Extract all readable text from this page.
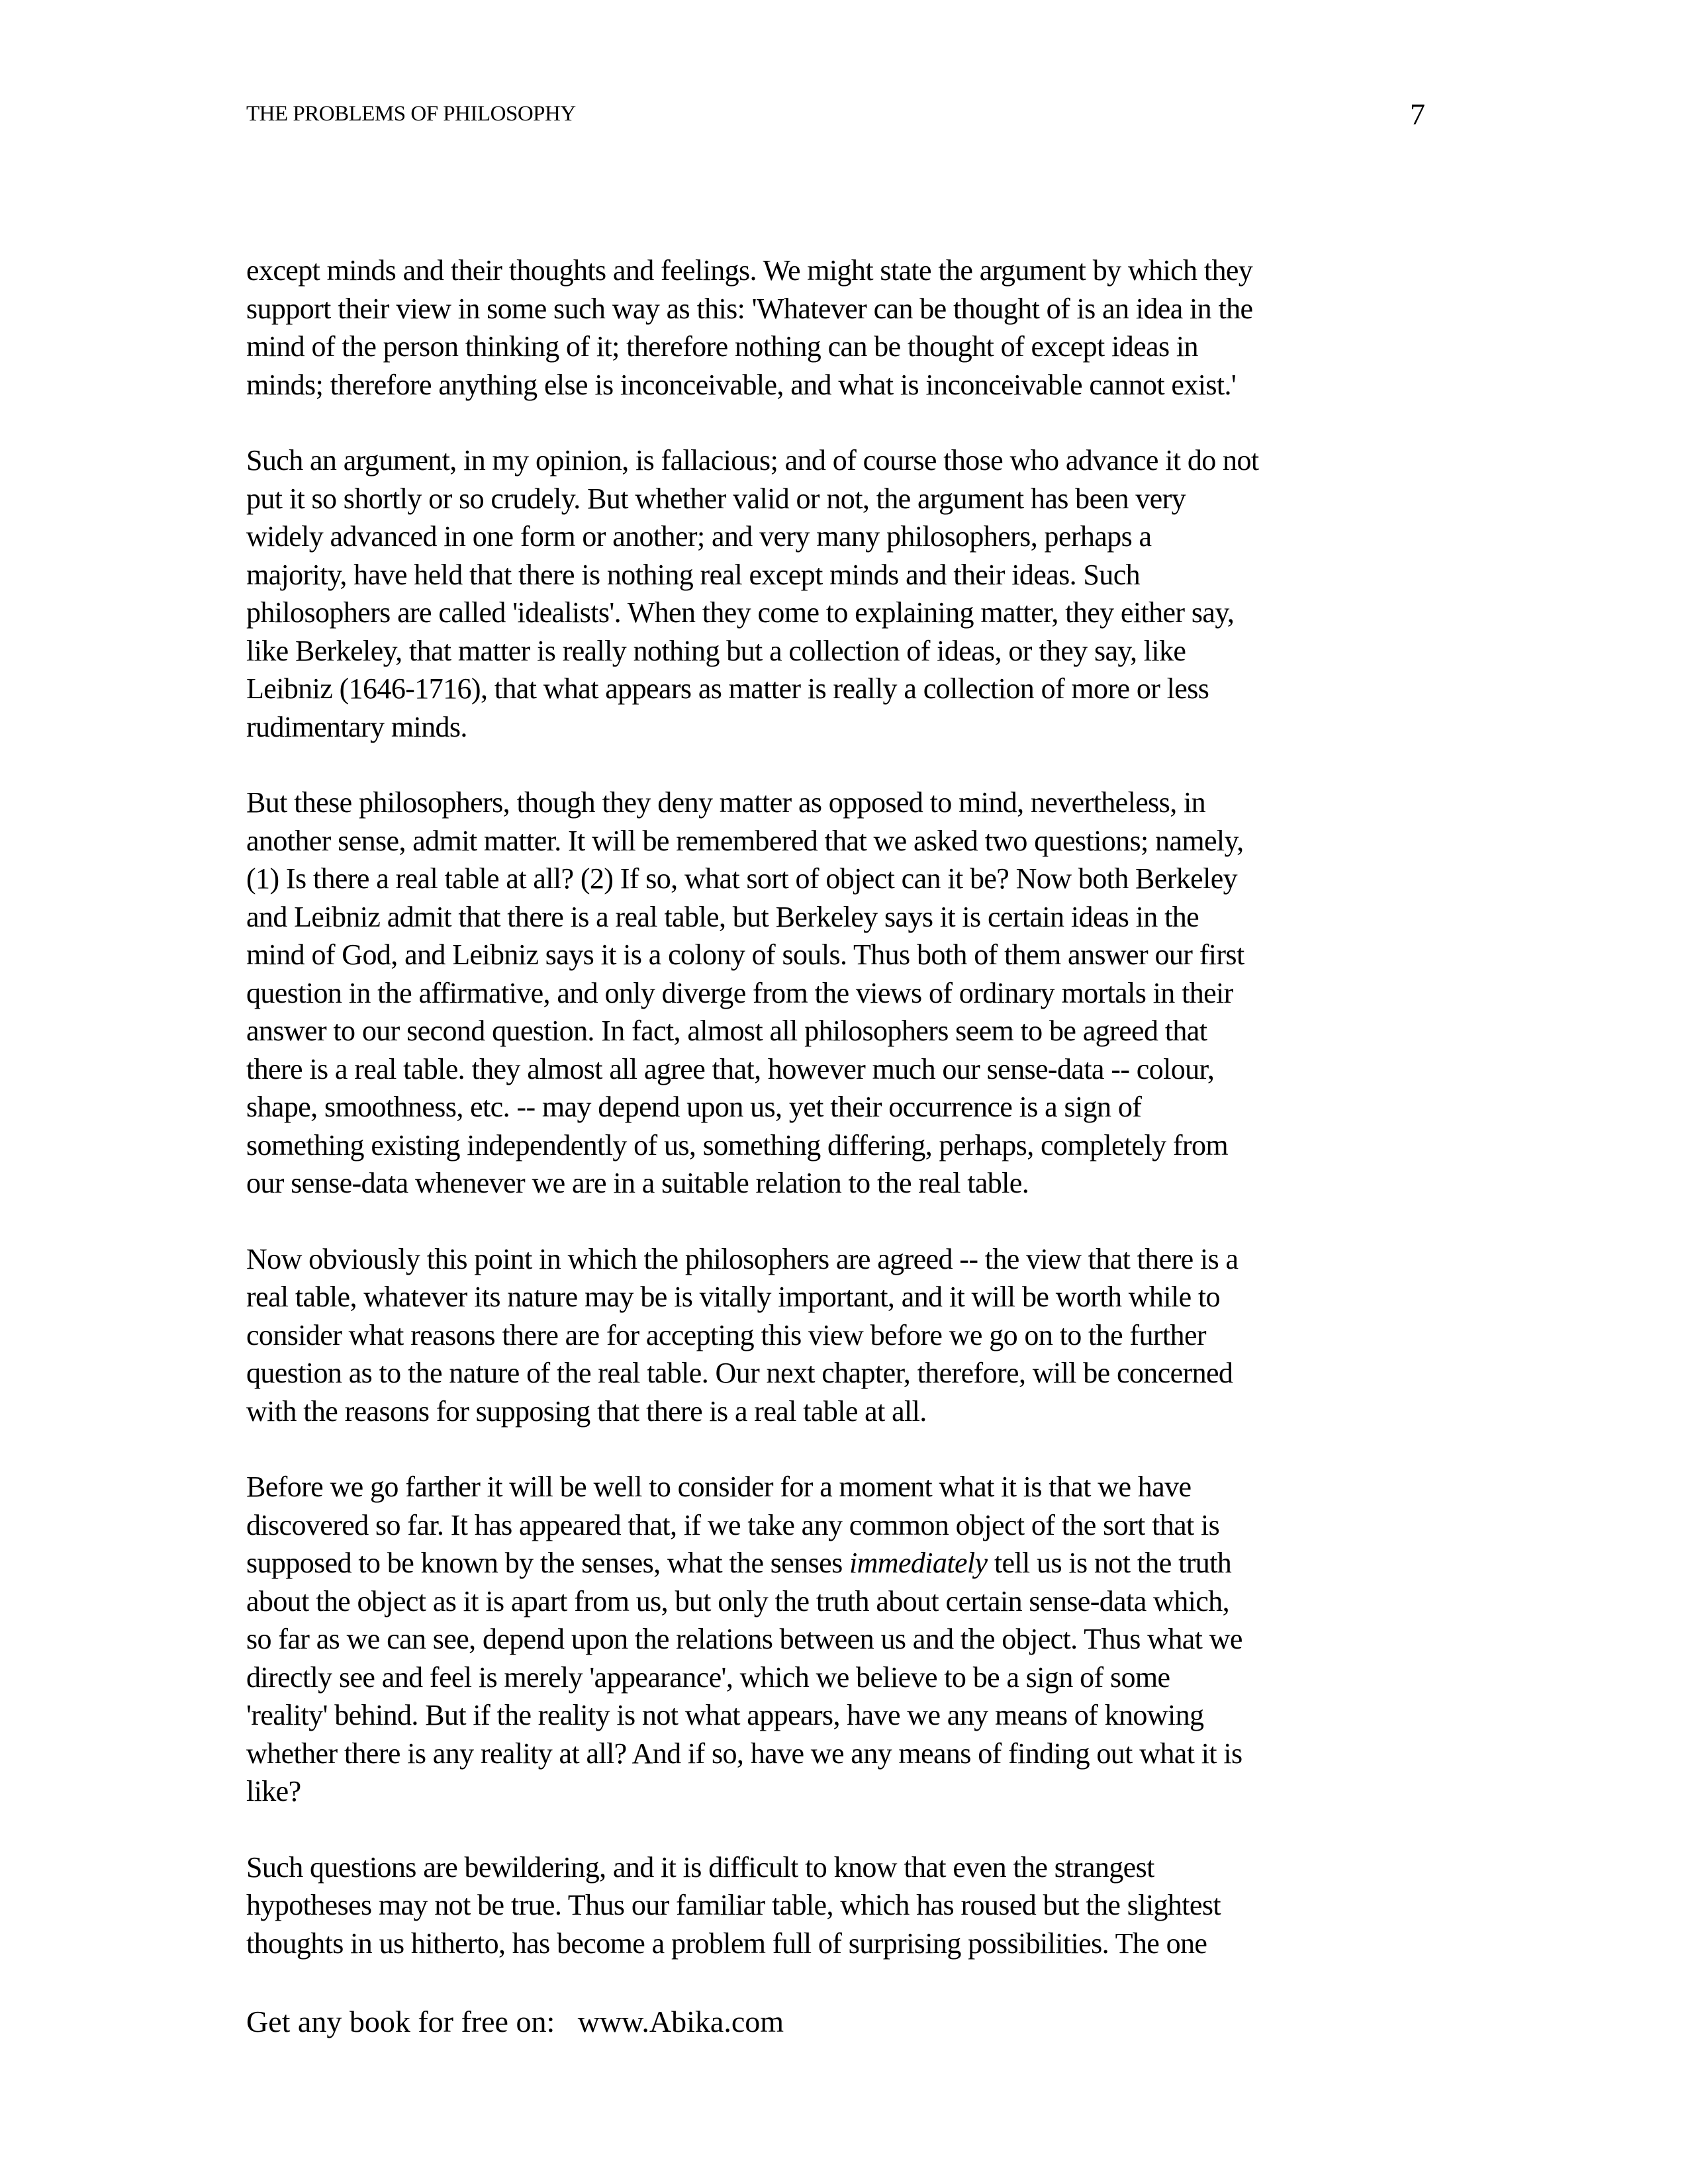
THE PROBLEMS OF PHILOSOPHY	7

except minds and their thoughts and feelings. We might state the argument by which they
support their view in some such way as this: 'Whatever can be thought of is an idea in the
mind of the person thinking of it; therefore nothing can be thought of except ideas in
minds; therefore anything else is inconceivable, and what is inconceivable cannot exist.'

Such an argument, in my opinion, is fallacious; and of course those who advance it do not
put it so shortly or so crudely. But whether valid or not, the argument has been very
widely advanced in one form or another; and very many philosophers, perhaps a
majority, have held that there is nothing real except minds and their ideas. Such
philosophers are called 'idealists'. When they come to explaining matter, they either say,
like Berkeley, that matter is really nothing but a collection of ideas, or they say, like
Leibniz (1646-1716), that what appears as matter is really a collection of more or less
rudimentary minds.

But these philosophers, though they deny matter as opposed to mind, nevertheless, in
another sense, admit matter. It will be remembered that we asked two questions; namely,
(1) Is there a real table at all? (2) If so, what sort of object can it be? Now both Berkeley
and Leibniz admit that there is a real table, but Berkeley says it is certain ideas in the
mind of God, and Leibniz says it is a colony of souls. Thus both of them answer our first
question in the affirmative, and only diverge from the views of ordinary mortals in their
answer to our second question. In fact, almost all philosophers seem to be agreed that
there is a real table. they almost all agree that, however much our sense-data -- colour,
shape, smoothness, etc. -- may depend upon us, yet their occurrence is a sign of
something existing independently of us, something differing, perhaps, completely from
our sense-data whenever we are in a suitable relation to the real table.

Now obviously this point in which the philosophers are agreed -- the view that there is a
real table, whatever its nature may be is vitally important, and it will be worth while to
consider what reasons there are for accepting this view before we go on to the further
question as to the nature of the real table. Our next chapter, therefore, will be concerned
with the reasons for supposing that there is a real table at all.

Before we go farther it will be well to consider for a moment what it is that we have
discovered so far. It has appeared that, if we take any common object of the sort that is
supposed to be known by the senses, what the senses immediately tell us is not the truth
about the object as it is apart from us, but only the truth about certain sense-data which,
so far as we can see, depend upon the relations between us and the object. Thus what we
directly see and feel is merely 'appearance', which we believe to be a sign of some
'reality' behind. But if the reality is not what appears, have we any means of knowing
whether there is any reality at all? And if so, have we any means of finding out what it is
like?

Such questions are bewildering, and it is difficult to know that even the strangest
hypotheses may not be true. Thus our familiar table, which has roused but the slightest
thoughts in us hitherto, has become a problem full of surprising possibilities. The one

Get any book for free on: www.Abika.com
